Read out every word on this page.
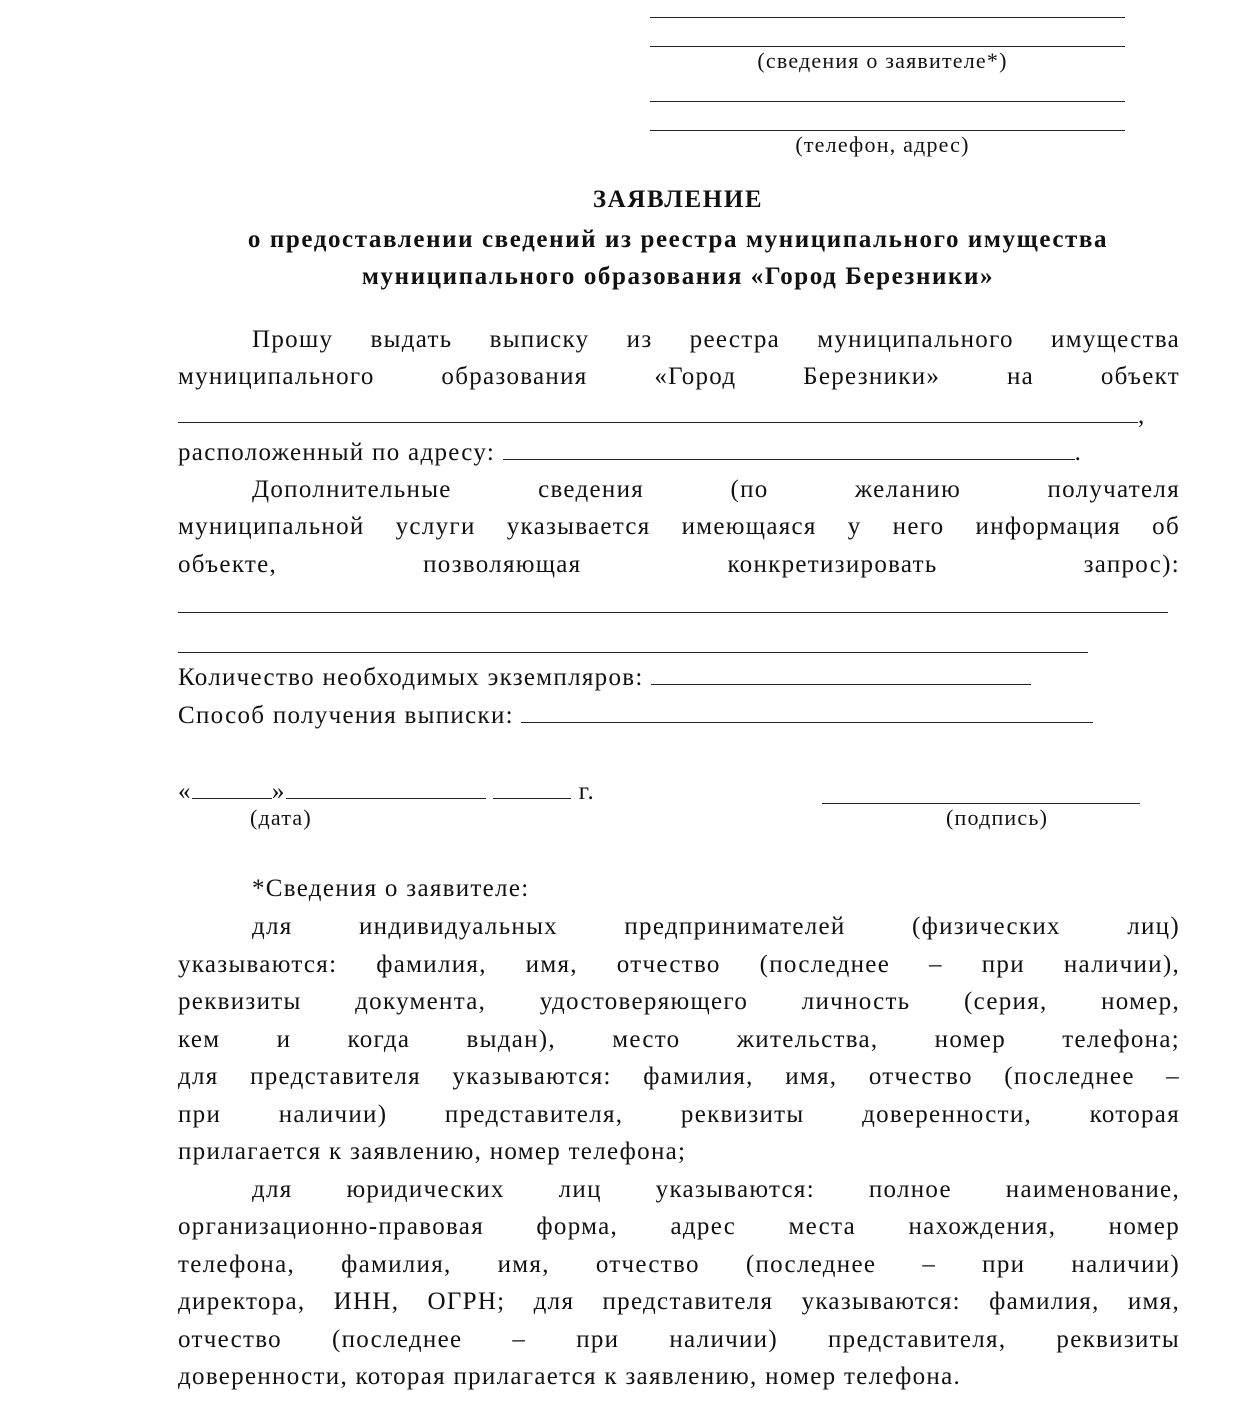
(сведения о заявителе*)
(телефон, адрес)
ЗАЯВЛЕНИЕ
о предоставлении сведений из реестра муниципального имущества
муниципального образования «Город Березники»
Прошу выдать выписку из реестра муниципального имущества
муниципального образования «Город Березники» на объект
,
расположенный по адресу:	.
Дополнительные сведения (по желанию получателя
муниципальной услуги указывается имеющаяся у него информация об
объекте, позволяющая конкретизировать запрос):
Количество необходимых экземпляров:
Способ получения выписки:
«	»	г.
(дата)	(подпись)
*Сведения о заявителе:
для индивидуальных предпринимателей (физических лиц)
указываются: фамилия, имя, отчество (последнее – при наличии),
реквизиты документа, удостоверяющего личность (серия, номер,
кем и когда выдан), место жительства, номер телефона;
для представителя указываются: фамилия, имя, отчество (последнее –
при наличии) представителя, реквизиты доверенности, которая
прилагается к заявлению, номер телефона;
для юридических лиц указываются: полное наименование,
организационно-правовая форма, адрес места нахождения, номер
телефона, фамилия, имя, отчество (последнее – при наличии)
директора, ИНН, ОГРН; для представителя указываются: фамилия, имя,
отчество (последнее – при наличии) представителя, реквизиты
доверенности, которая прилагается к заявлению, номер телефона.
